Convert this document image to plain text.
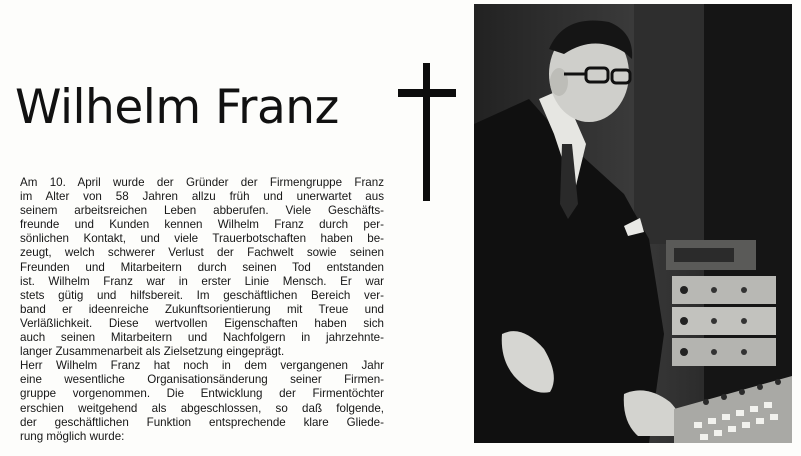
Wilhelm Franz
Am 10. April wurde der Gründer der Firmengruppe Franz
im Alter von 58 Jahren allzu früh und unerwartet aus
seinem arbeitsreichen Leben abberufen. Viele Geschäfts-
freunde und Kunden kennen Wilhelm Franz durch per-
sönlichen Kontakt, und viele Trauerbotschaften haben be-
zeugt, welch schwerer Verlust der Fachwelt sowie seinen
Freunden und Mitarbeitern durch seinen Tod entstanden
ist. Wilhelm Franz war in erster Linie Mensch. Er war
stets gütig und hilfsbereit. Im geschäftlichen Bereich ver-
band er ideenreiche Zukunftsorientierung mit Treue und
Verläßlichkeit. Diese wertvollen Eigenschaften haben sich
auch seinen Mitarbeitern und Nachfolgern in jahrzehnte-
langer Zusammenarbeit als Zielsetzung eingeprägt.
Herr Wilhelm Franz hat noch in dem vergangenen Jahr
eine wesentliche Organisationsänderung seiner Firmen-
gruppe vorgenommen. Die Entwicklung der Firmentöchter
erschien weitgehend als abgeschlossen, so daß folgende,
der geschäftlichen Funktion entsprechende klare Gliede-
rung möglich wurde:
